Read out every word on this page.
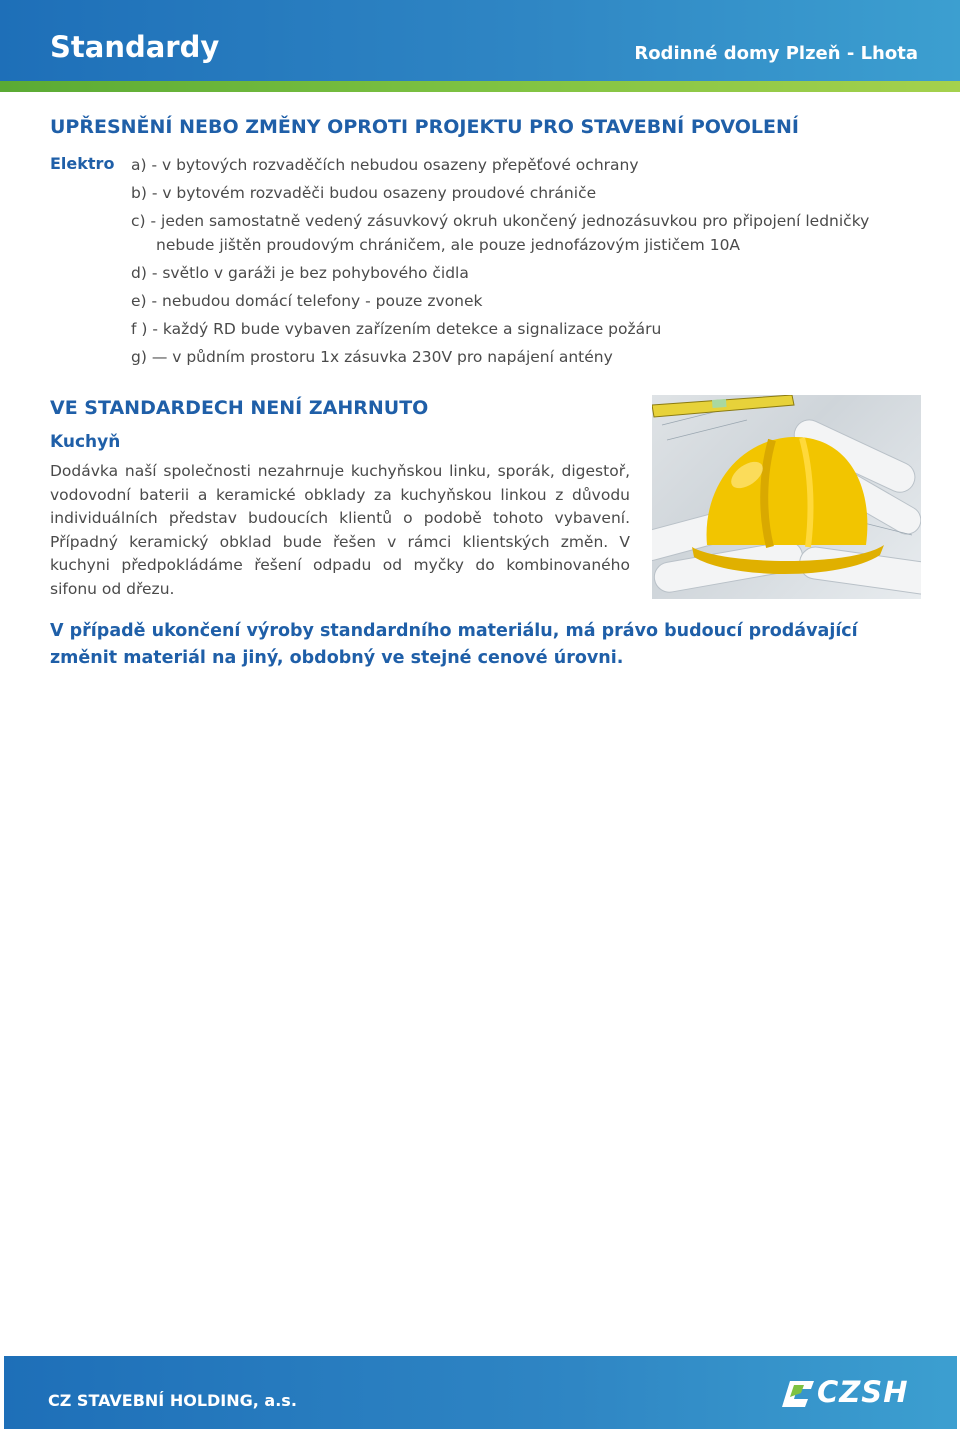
Standardy	Rodinné domy Plzeň - Lhota
UPŘESNĚNÍ NEBO ZMĚNY OPROTI PROJEKTU PRO STAVEBNÍ POVOLENÍ
Elektro a) - v bytových rozvaděčích nebudou osazeny přepěťové ochrany
b) - v bytovém rozvaděči budou osazeny proudové chrániče
c) - jeden samostatně vedený zásuvkový okruh ukončený jednozásuvkou pro připojení ledničky
nebude jištěn proudovým chráničem, ale pouze jednofázovým jističem 10A
d) - světlo v garáži je bez pohybového čidla
e) - nebudou domácí telefony - pouze zvonek
f ) - každý RD bude vybaven zařízením detekce a signalizace požáru
g) — v půdním prostoru 1x zásuvka 230V pro napájení antény
VE STANDARDECH NENÍ ZAHRNUTO
Kuchyň
Dodávka naší společnosti nezahrnuje kuchyňskou linku, sporák, digestoř, vodovodní baterii a keramické obklady za kuchyňskou linkou z důvodu individuálních představ budoucích klientů o podobě tohoto vybavení. Případný keramický obklad bude řešen v rámci klientských změn. V kuchyni předpokládáme řešení odpadu od myčky do kombinovaného sifonu od dřezu.
V případě ukončení výroby standardního materiálu, má právo budoucí prodávající změnit materiál na jiný, obdobný ve stejné cenové úrovni.
CZ STAVEBNÍ HOLDING, a.s.	CZSH
